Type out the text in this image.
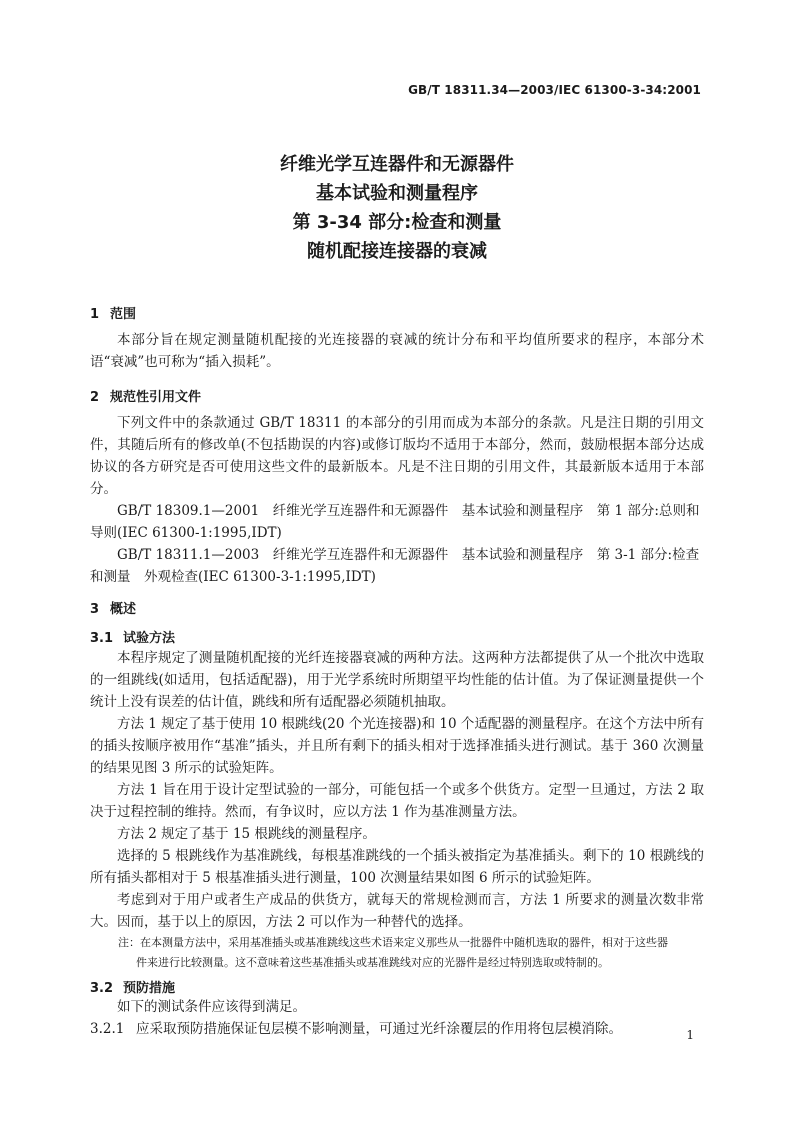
GB/T 18311.34—2003/IEC 61300-3-34:2001
纤维光学互连器件和无源器件
基本试验和测量程序
第 3-34 部分:检查和测量
随机配接连接器的衰减
1 范围
本部分旨在规定测量随机配接的光连接器的衰减的统计分布和平均值所要求的程序，本部分术语“衰减”也可称为“插入损耗”。
2 规范性引用文件
下列文件中的条款通过 GB/T 18311 的本部分的引用而成为本部分的条款。凡是注日期的引用文件，其随后所有的修改单(不包括勘误的内容)或修订版均不适用于本部分，然而，鼓励根据本部分达成协议的各方研究是否可使用这些文件的最新版本。凡是不注日期的引用文件，其最新版本适用于本部分。
GB/T 18309.1—2001　纤维光学互连器件和无源器件　基本试验和测量程序　第 1 部分:总则和导则(IEC 61300-1:1995,IDT)
GB/T 18311.1—2003　纤维光学互连器件和无源器件　基本试验和测量程序　第 3-1 部分:检查和测量　外观检查(IEC 61300-3-1:1995,IDT)
3 概述
3.1 试验方法
本程序规定了测量随机配接的光纤连接器衰减的两种方法。这两种方法都提供了从一个批次中选取的一组跳线(如适用，包括适配器)，用于光学系统时所期望平均性能的估计值。为了保证测量提供一个统计上没有误差的估计值，跳线和所有适配器必须随机抽取。
方法 1 规定了基于使用 10 根跳线(20 个光连接器)和 10 个适配器的测量程序。在这个方法中所有的插头按顺序被用作“基准”插头，并且所有剩下的插头相对于选择准插头进行测试。基于 360 次测量的结果见图 3 所示的试验矩阵。
方法 1 旨在用于设计定型试验的一部分，可能包括一个或多个供货方。定型一旦通过，方法 2 取决于过程控制的维持。然而，有争议时，应以方法 1 作为基准测量方法。
方法 2 规定了基于 15 根跳线的测量程序。
选择的 5 根跳线作为基准跳线，每根基准跳线的一个插头被指定为基准插头。剩下的 10 根跳线的所有插头都相对于 5 根基准插头进行测量，100 次测量结果如图 6 所示的试验矩阵。
考虑到对于用户或者生产成品的供货方，就每天的常规检测而言，方法 1 所要求的测量次数非常大。因而，基于以上的原因，方法 2 可以作为一种替代的选择。
注：在本测量方法中，采用基准插头或基准跳线这些术语来定义那些从一批器件中随机选取的器件，相对于这些器
件来进行比较测量。这不意味着这些基准插头或基准跳线对应的光器件是经过特别选取或特制的。
3.2 预防措施
如下的测试条件应该得到满足。
3.2.1 应采取预防措施保证包层模不影响测量，可通过光纤涂覆层的作用将包层模消除。	1
